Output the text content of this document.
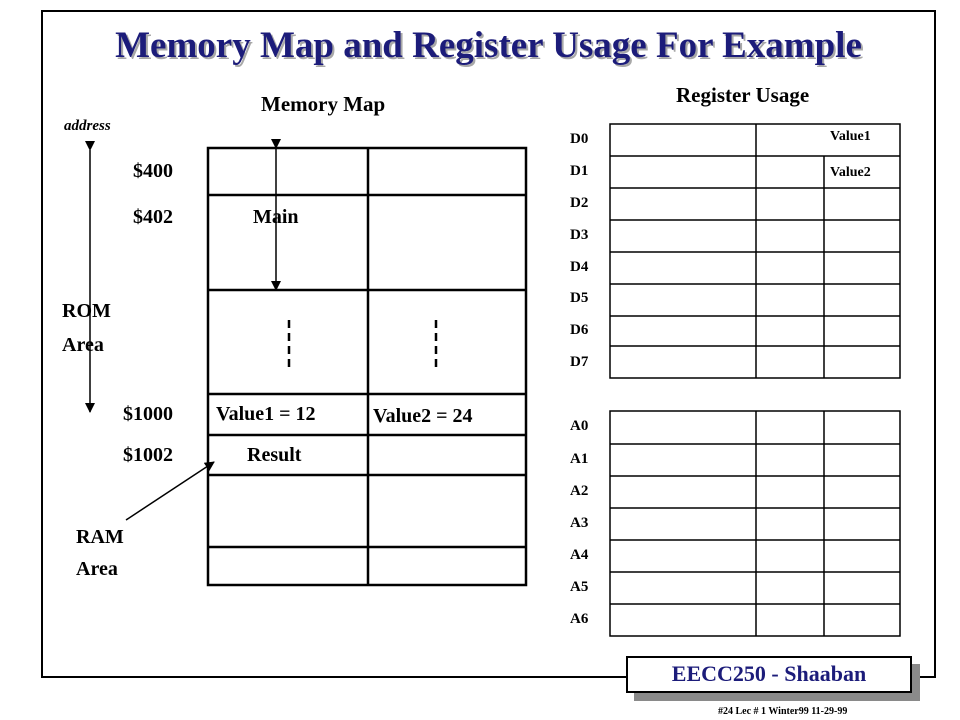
Memory Map and Register Usage For Example
Memory Map	Register Usage
address
$400
$402
$1000
$1002
ROM
Area
RAM
Area
Main
Value1 = 12	Value2 = 24
Result
D0
D1
D2
D3
D4
D5
D6
D7
Value1
Value2
A0
A1
A2
A3
A4
A5
A6
EECC250 - Shaaban
#24 Lec # 1 Winter99 11-29-99
